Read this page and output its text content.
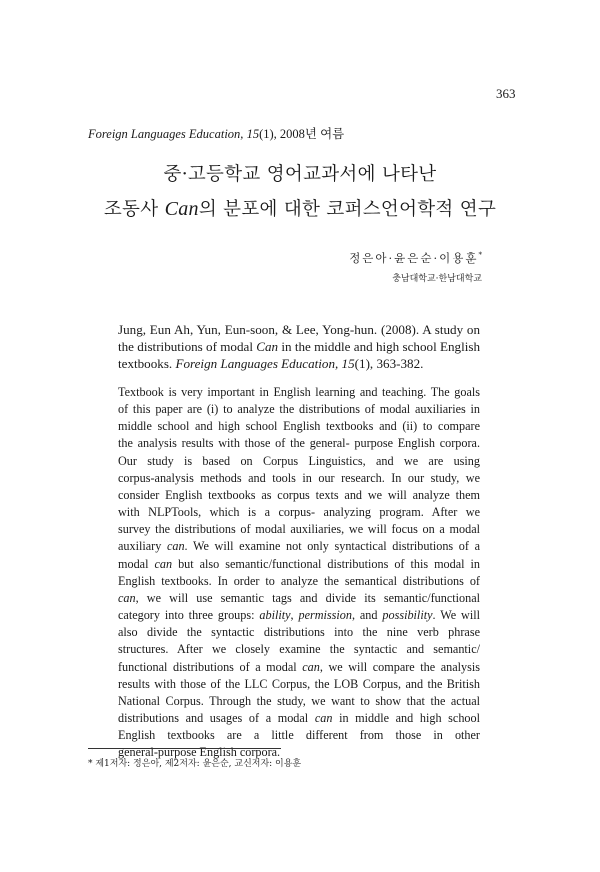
363
Foreign Languages Education, 15(1), 2008년 여름
중·고등학교 영어교과서에 나타난
조동사 Can의 분포에 대한 코퍼스언어학적 연구
정은아·윤은순·이용훈*
충남대학교·한남대학교
Jung, Eun Ah, Yun, Eun-soon, & Lee, Yong-hun. (2008). A study on the distributions of modal Can in the middle and high school English textbooks. Foreign Languages Education, 15(1), 363-382.
Textbook is very important in English learning and teaching. The goals
of this paper are (i) to analyze the distributions of modal auxiliaries in
middle school and high school English textbooks and (ii) to compare
the analysis results with those of the general- purpose English corpora.
Our study is based on Corpus Linguistics, and we are using
corpus-analysis methods and tools in our research. In our study, we
consider English textbooks as corpus texts and we will analyze them
with NLPTools, which is a corpus- analyzing program. After we
survey the distributions of modal auxiliaries, we will focus on a modal
auxiliary can. We will examine not only syntactical distributions of a
modal can but also semantic/functional distributions of this modal in
English textbooks. In order to analyze the semantical distributions of
can, we will use semantic tags and divide its semantic/functional
category into three groups: ability, permission, and possibility. We will
also divide the syntactic distributions into the nine verb phrase
structures. After we closely examine the syntactic and semantic/
functional distributions of a modal can, we will compare the analysis
results with those of the LLC Corpus, the LOB Corpus, and the British
National Corpus. Through the study, we want to show that the actual
distributions and usages of a modal can in middle and high school
English textbooks are a little different from those in other
general-purpose English corpora.
* 제1저자: 정은아, 제2저자: 윤은순, 교신저자: 이용훈
